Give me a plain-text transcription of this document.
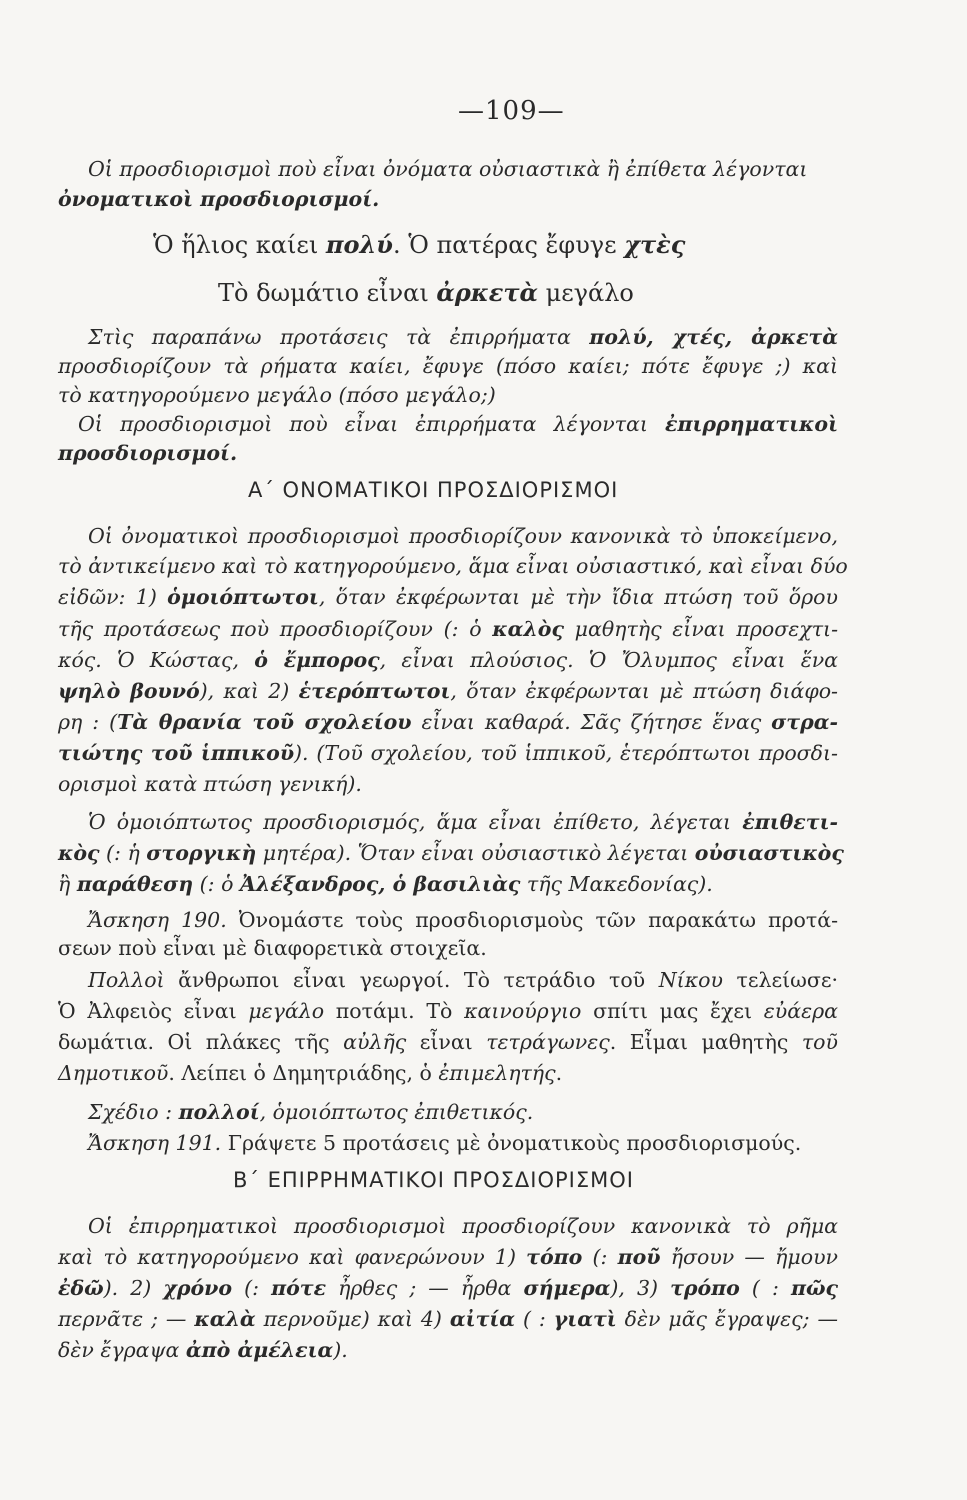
—109—
Οἱ προσδιορισμοὶ ποὺ εἶναι ὀνόματα οὐσιαστικὰ ἢ ἐπίθετα λέγονται
ὀνοματικοὶ προσδιορισμοί.
Ὁ ἥλιος καίει πολύ. Ὁ πατέρας ἔφυγε χτὲς
Τὸ δωμάτιο εἶναι ἀρκετὰ μεγάλο
Στὶς παραπάνω προτάσεις τὰ ἐπιρρήματα πολύ, χτές, ἀρκετὰ
προσδιορίζουν τὰ ρήματα καίει, ἔφυγε (πόσο καίει; πότε ἔφυγε ;) καὶ
τὸ κατηγορούμενο μεγάλο (πόσο μεγάλο;)
Οἱ προσδιορισμοὶ ποὺ εἶναι ἐπιρρήματα λέγονται ἐπιρρηματικοὶ
προσδιορισμοί.
Α΄ ΟΝΟΜΑΤΙΚΟΙ ΠΡΟΣΔΙΟΡΙΣΜΟΙ
Οἱ ὀνοματικοὶ προσδιορισμοὶ προσδιορίζουν κανονικὰ τὸ ὑποκείμενο,
τὸ ἀντικείμενο καὶ τὸ κατηγορούμενο, ἅμα εἶναι οὐσιαστικό, καὶ εἶναι δύο
εἰδῶν: 1) ὁμοιόπτωτοι, ὅταν ἐκφέρωνται μὲ τὴν ἴδια πτώση τοῦ ὅρου
τῆς προτάσεως ποὺ προσδιορίζουν (: ὁ καλὸς μαθητὴς εἶναι προσεχτι-
κός. Ὁ Κώστας, ὁ ἔμπορος, εἶναι πλούσιος. Ὁ Ὄλυμπος εἶναι ἕνα
ψηλὸ βουνό), καὶ 2) ἑτερόπτωτοι, ὅταν ἐκφέρωνται μὲ πτώση διάφο-
ρη : (Τὰ θρανία τοῦ σχολείου εἶναι καθαρά. Σᾶς ζήτησε ἕνας στρα-
τιώτης τοῦ ἱππικοῦ). (Τοῦ σχολείου, τοῦ ἱππικοῦ, ἑτερόπτωτοι προσδι-
ορισμοὶ κατὰ πτώση γενική).
Ὁ ὁμοιόπτωτος προσδιορισμός, ἅμα εἶναι ἐπίθετο, λέγεται ἐπιθετι-
κὸς (: ἡ στοργικὴ μητέρα). Ὅταν εἶναι οὐσιαστικὸ λέγεται οὐσιαστικὸς
ἢ παράθεση (: ὁ Ἀλέξανδρος, ὁ βασιλιὰς τῆς Μακεδονίας).
Ἄσκηση 190. Ὀνομάστε τοὺς προσδιορισμοὺς τῶν παρακάτω προτά-
σεων ποὺ εἶναι μὲ διαφορετικὰ στοιχεῖα.
Πολλοὶ ἄνθρωποι εἶναι γεωργοί. Τὸ τετράδιο τοῦ Νίκου τελείωσε·
Ὁ Ἀλφειὸς εἶναι μεγάλο ποτάμι. Τὸ καινούργιο σπίτι μας ἔχει εὐάερα
δωμάτια. Οἱ πλάκες τῆς αὐλῆς εἶναι τετράγωνες. Εἶμαι μαθητὴς τοῦ
Δημοτικοῦ. Λείπει ὁ Δημητριάδης, ὁ ἐπιμελητής.
Σχέδιο : πολλοί, ὁμοιόπτωτος ἐπιθετικός.
Ἄσκηση 191. Γράψετε 5 προτάσεις μὲ ὀνοματικοὺς προσδιορισμούς.
Β΄ ΕΠΙΡΡΗΜΑΤΙΚΟΙ ΠΡΟΣΔΙΟΡΙΣΜΟΙ
Οἱ ἐπιρρηματικοὶ προσδιορισμοὶ προσδιορίζουν κανονικὰ τὸ ρῆμα
καὶ τὸ κατηγορούμενο καὶ φανερώνουν 1) τόπο (: ποῦ ἤσουν — ἤμουν
ἐδῶ). 2) χρόνο (: πότε ἦρθες ; — ἦρθα σήμερα), 3) τρόπο ( : πῶς
περνᾶτε ; — καλὰ περνοῦμε) καὶ 4) αἰτία ( : γιατὶ δὲν μᾶς ἔγραψες; —
δὲν ἔγραψα ἀπὸ ἀμέλεια).
